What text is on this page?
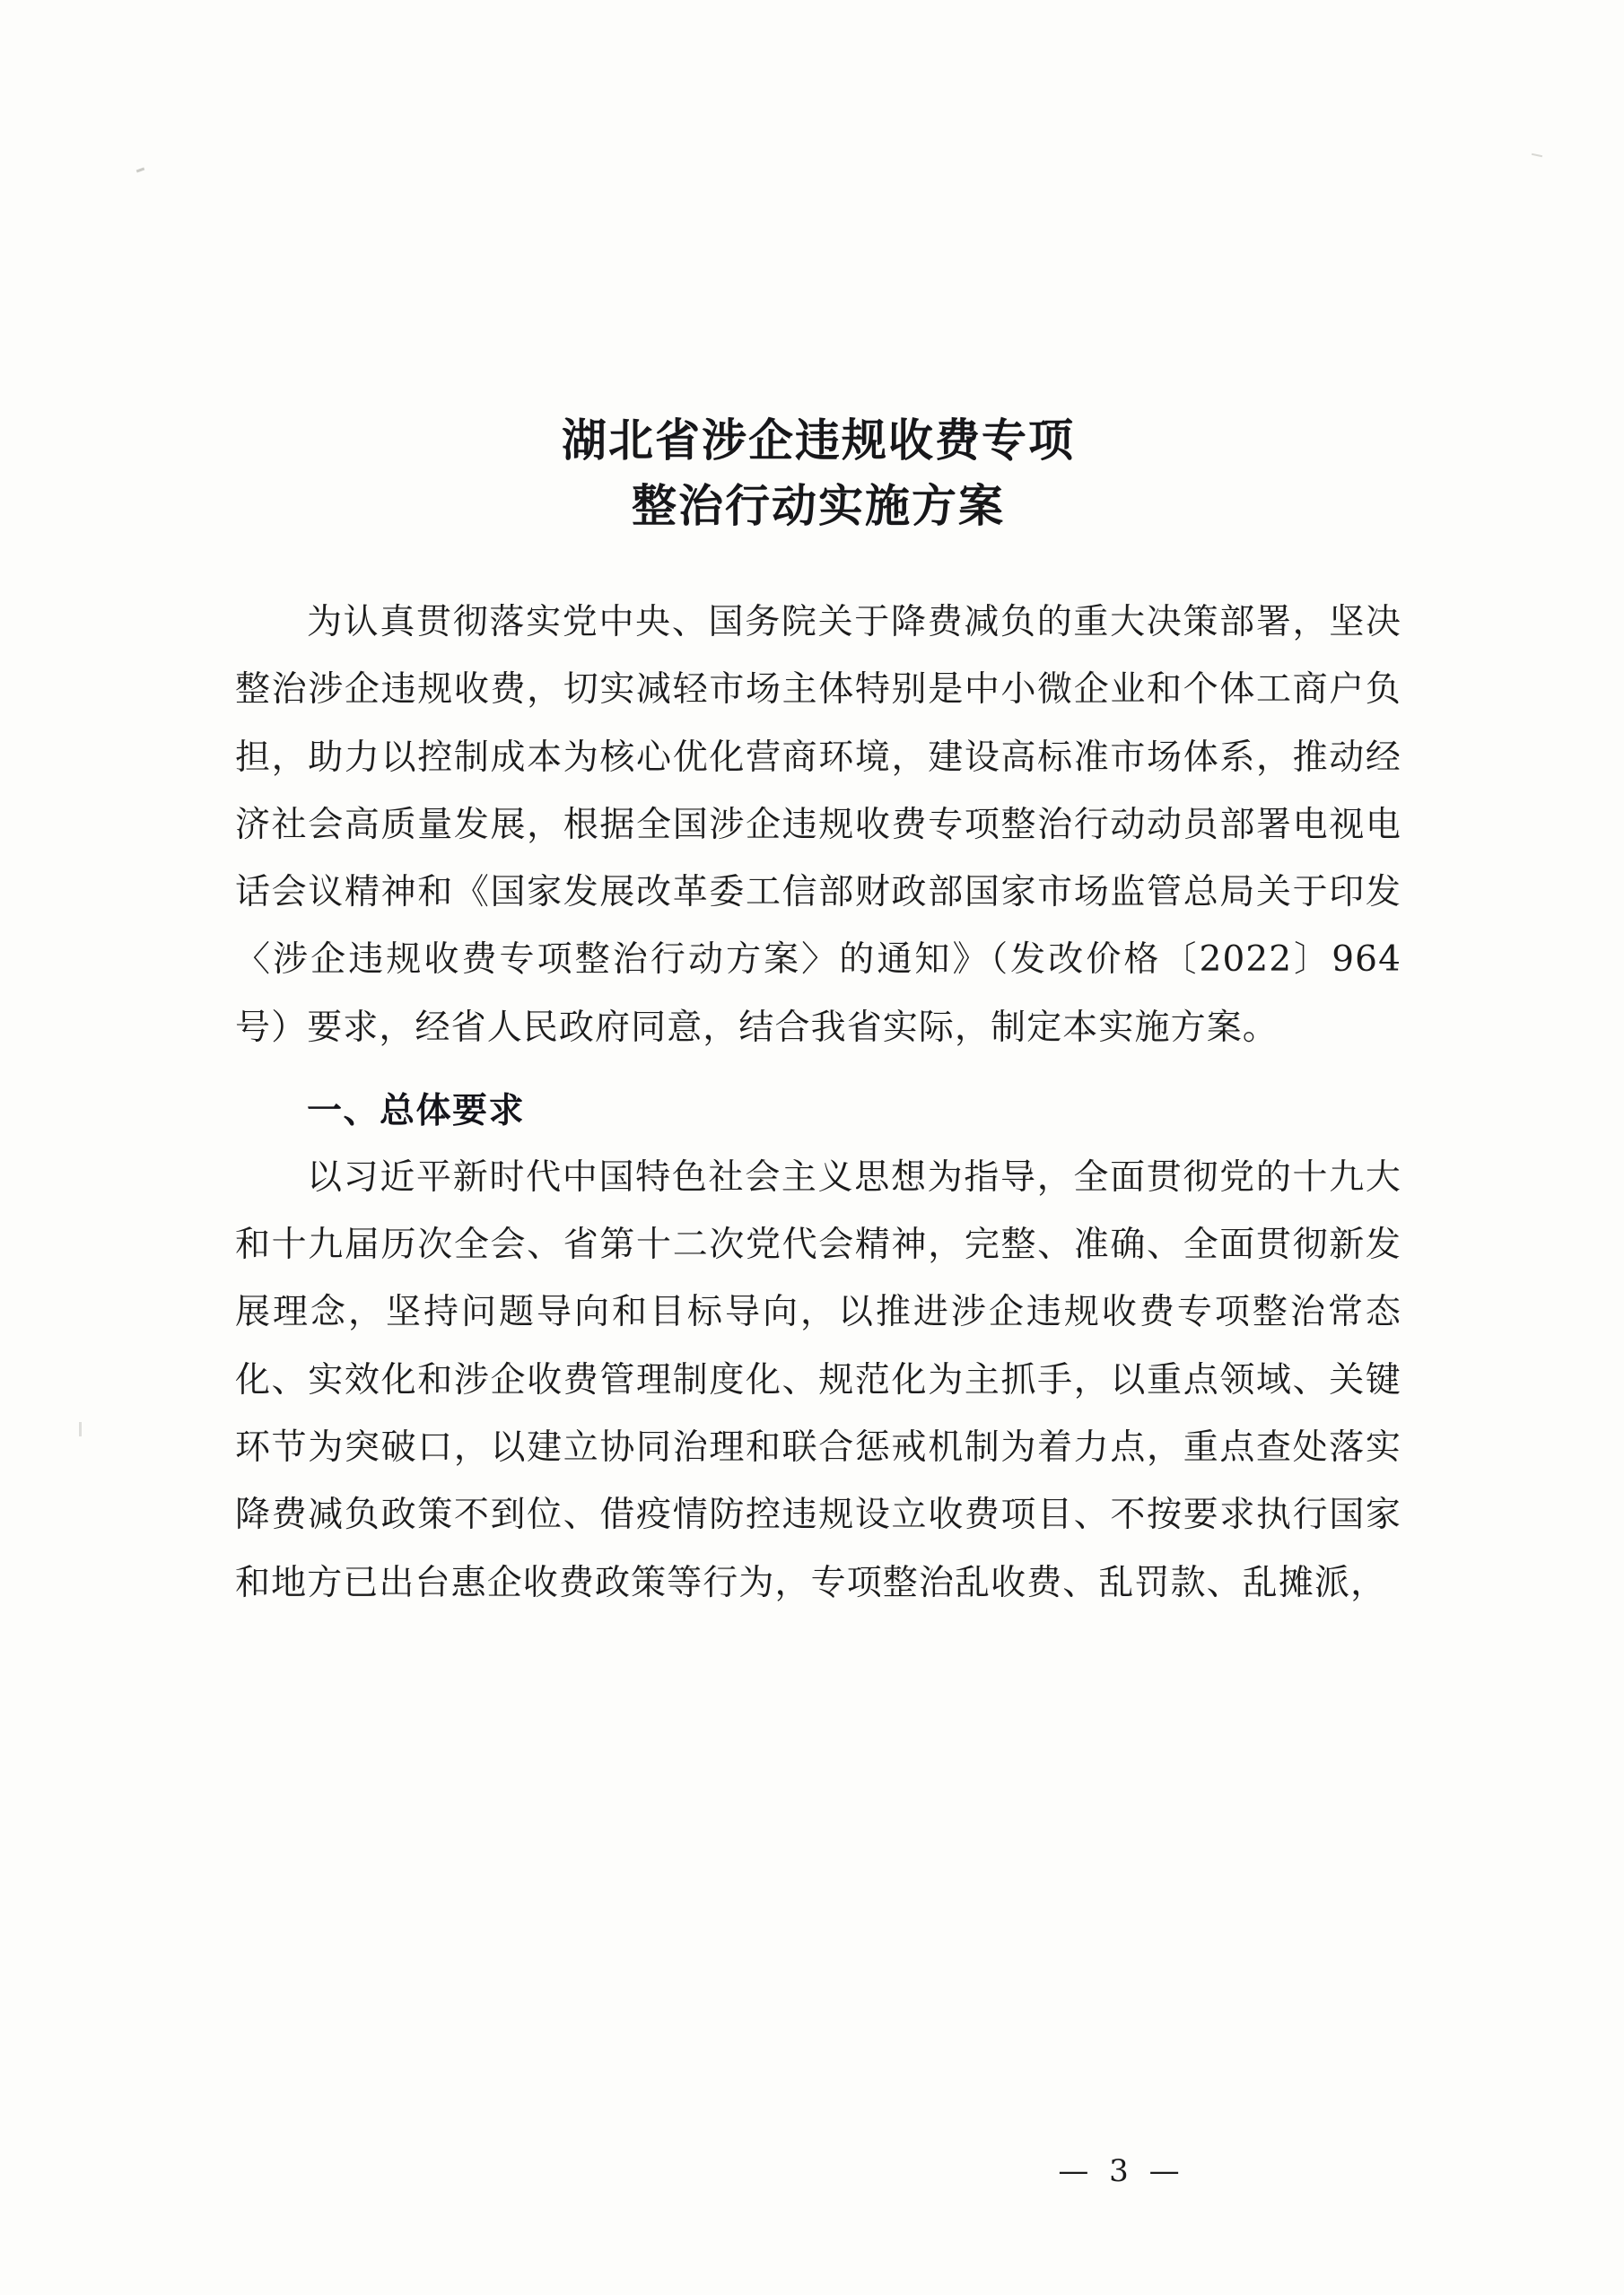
湖北省涉企违规收费专项
整治行动实施方案

为认真贯彻落实党中央、国务院关于降费减负的重大决策部署，坚决整治涉企违规收费，切实减轻市场主体特别是中小微企业和个体工商户负担，助力以控制成本为核心优化营商环境，建设高标准市场体系，推动经济社会高质量发展，根据全国涉企违规收费专项整治行动动员部署电视电话会议精神和《国家发展改革委工信部财政部国家市场监管总局关于印发〈涉企违规收费专项整治行动方案〉的通知》（发改价格〔2022〕964号）要求，经省人民政府同意，结合我省实际，制定本实施方案。

一、总体要求

以习近平新时代中国特色社会主义思想为指导，全面贯彻党的十九大和十九届历次全会、省第十二次党代会精神，完整、准确、全面贯彻新发展理念，坚持问题导向和目标导向，以推进涉企违规收费专项整治常态化、实效化和涉企收费管理制度化、规范化为主抓手，以重点领域、关键环节为突破口，以建立协同治理和联合惩戒机制为着力点，重点查处落实降费减负政策不到位、借疫情防控违规设立收费项目、不按要求执行国家和地方已出台惠企收费政策等行为，专项整治乱收费、乱罚款、乱摊派，

— 3 —
